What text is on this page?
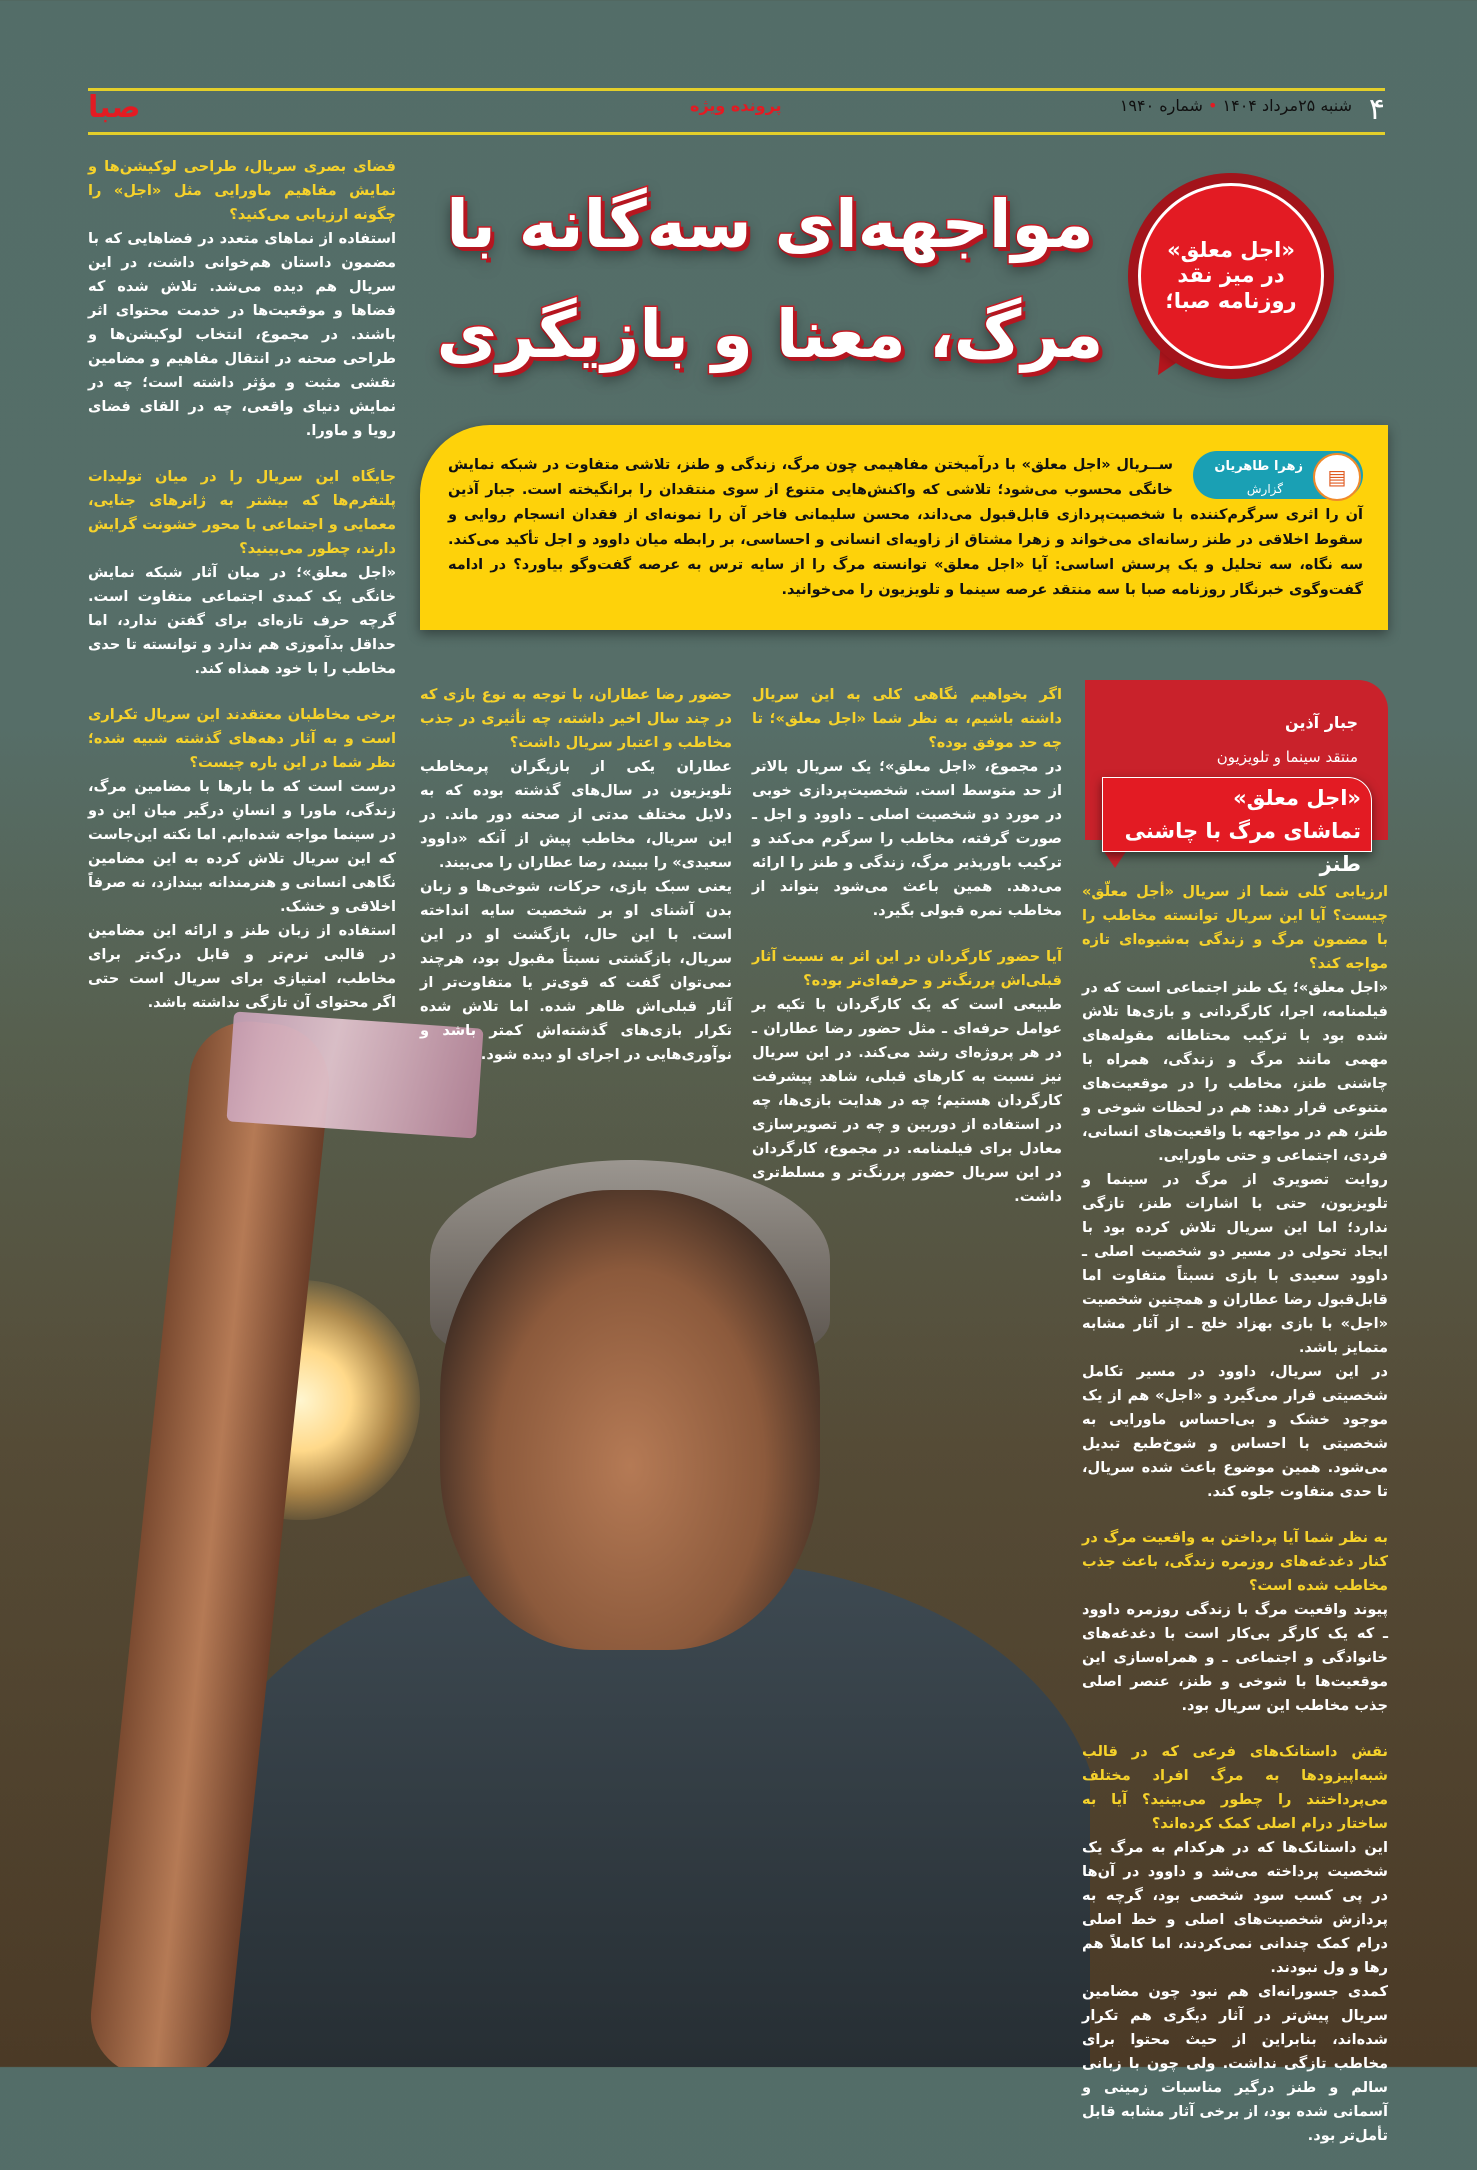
۴
شنبه ۲۵مرداد ۱۴۰۴ • شماره ۱۹۴۰
پرونده ویژه
صبا
«اجل معلق»
در میز نقد
روزنامه صبا؛
مواجهه‌ای سه‌گانه با
مرگ، معنا و بازیگری
زهرا طاهریان
گزارش
▤
ســریال «اجل معلق» با درآمیختن مفاهیمی چون مرگ، زندگی و طنز، تلاشی متفاوت در شبکه نمایش خانگی محسوب می‌شود؛ تلاشی که واکنش‌هایی متنوع از سوی منتقدان را برانگیخته است. جبار آذین آن را اثری سرگرم‌کننده با شخصیت‌پردازی قابل‌قبول می‌داند، محسن سلیمانی فاخر آن را نمونه‌ای از فقدان انسجام روایی و سقوط اخلاقی در طنز رسانه‌ای می‌خواند و زهرا مشتاق از زاویه‌ای انسانی و احساسی، بر رابطه میان داوود و اجل تأکید می‌کند. سه نگاه، سه تحلیل و یک پرسش اساسی: آیا «اجل معلق» توانسته مرگ را از سایه ترس به عرصه گفت‌وگو بیاورد؟ در ادامه گفت‌وگوی خبرنگار روزنامه صبا با سه منتقد عرصه سینما و تلویزیون را می‌خوانید.
جبار آذین
منتقد سینما و تلویزیون
«اجل معلق»
تماشای مرگ با چاشنی طنز

ارزیابی کلی شما از سریال «أجل معلّق» چیست؟ آیا این سریال توانسته مخاطب را با مضمون مرگ و زندگی به‌شیوه‌ای تازه مواجه کند؟

«اجل معلق»؛ یک طنز اجتماعی است که در فیلمنامه، اجرا، کارگردانی و بازی‌ها تلاش شده بود با ترکیب محتاطانه مقوله‌های مهمی مانند مرگ و زندگی، همراه با چاشنی طنز، مخاطب را در موقعیت‌های متنوعی قرار دهد: هم در لحظات شوخی و طنز، هم در مواجهه با واقعیت‌های انسانی، فردی، اجتماعی و حتی ماورایی.

روایت تصویری از مرگ در سینما و تلویزیون، حتی با اشارات طنز، تازگی ندارد؛ اما این سریال تلاش کرده بود با ایجاد تحولی در مسیر دو شخصیت اصلی ـ داوود سعیدی با بازی نسبتاً متفاوت اما قابل‌قبول رضا عطاران و همچنین شخصیت «اجل» با بازی بهزاد خلج ـ از آثار مشابه متمایز باشد.

در این سریال، داوود در مسیر تکامل شخصیتی قرار می‌گیرد و «اجل» هم از یک موجود خشک و بی‌احساس ماورایی به شخصیتی با احساس و شوخ‌طبع تبدیل می‌شود. همین موضوع باعث شده سریال، تا حدی متفاوت جلوه کند.

به نظر شما آیا پرداختن به واقعیت مرگ در کنار دغدغه‌های روزمره زندگی، باعث جذب مخاطب شده است؟

پیوند واقعیت مرگ با زندگی روزمره داوود ـ که یک کارگر بی‌کار است با دغدغه‌های خانوادگی و اجتماعی ـ و همراه‌سازی این موقعیت‌ها با شوخی و طنز، عنصر اصلی جذب مخاطب این سریال بود.

نقش داستانک‌های فرعی که در قالب شبه‌اپیزودها به مرگ افراد مختلف می‌پرداختند را چطور می‌بینید؟ آیا به ساختار درام اصلی کمک کرده‌اند؟

این داستانک‌ها که در هرکدام به مرگ یک شخصیت پرداخته می‌شد و داوود در آن‌ها در پی کسب سود شخصی بود، گرچه به پردازش شخصیت‌های اصلی و خط اصلی درام کمک چندانی نمی‌کردند، اما کاملاً هم رها و ول نبودند.

کمدی جسورانه‌ای هم نبود چون مضامین سریال پیش‌تر در آثار دیگری هم تکرار شده‌اند، بنابراین از حیث محتوا برای مخاطب تازگی نداشت. ولی چون با زبانی سالم و طنز درگیر مناسبات زمینی و آسمانی شده بود، از برخی آثار مشابه قابل تأمل‌تر بود.

اگر بخواهیم نگاهی کلی به این سریال داشته باشیم، به نظر شما «اجل معلق»؛ تا چه حد موفق بوده؟

در مجموع، «اجل معلق»؛ یک سریال بالاتر از حد متوسط است. شخصیت‌پردازی خوبی در مورد دو شخصیت اصلی ـ داوود و اجل ـ صورت گرفته، مخاطب را سرگرم می‌کند و ترکیب باورپذیر مرگ، زندگی و طنز را ارائه می‌دهد. همین باعث می‌شود بتواند از مخاطب نمره قبولی بگیرد.

آیا حضور کارگردان در این اثر به نسبت آثار قبلی‌اش پررنگ‌تر و حرفه‌ای‌تر بوده؟

طبیعی است که یک کارگردان با تکیه بر عوامل حرفه‌ای ـ مثل حضور رضا عطاران ـ در هر پروژه‌ای رشد می‌کند. در این سریال نیز نسبت به کارهای قبلی، شاهد پیشرفت کارگردان هستیم؛ چه در هدایت بازی‌ها، چه در استفاده از دوربین و چه در تصویرسازی معادل برای فیلمنامه. در مجموع، کارگردان در این سریال حضور پررنگ‌تر و مسلط‌تری داشت.

حضور رضا عطاران، با توجه به نوع بازی که در چند سال اخیر داشته، چه تأثیری در جذب مخاطب و اعتبار سریال داشت؟

عطاران یکی از بازیگران پرمخاطب تلویزیون در سال‌های گذشته بوده که به دلایل مختلف مدتی از صحنه دور ماند. در این سریال، مخاطب پیش از آنکه «داوود سعیدی» را ببیند، رضا عطاران را می‌بیند.

یعنی سبک بازی، حرکات، شوخی‌ها و زبان بدن آشنای او بر شخصیت سایه انداخته است. با این حال، بازگشت او در این سریال، بازگشتی نسبتاً مقبول بود، هرچند نمی‌توان گفت که قوی‌تر یا متفاوت‌تر از آثار قبلی‌اش ظاهر شده. اما تلاش شده تکرار بازی‌های گذشته‌اش کمتر باشد و نوآوری‌هایی در اجرای او دیده شود.

فضای بصری سریال، طراحی لوکیشن‌ها و نمایش مفاهیم ماورایی مثل «اجل» را چگونه ارزیابی می‌کنید؟

استفاده از نماهای متعدد در فضاهایی که با مضمون داستان هم‌خوانی داشت، در این سریال هم دیده می‌شد. تلاش شده که فضاها و موقعیت‌ها در خدمت محتوای اثر باشند. در مجموع، انتخاب لوکیشن‌ها و طراحی صحنه در انتقال مفاهیم و مضامین نقشی مثبت و مؤثر داشته است؛ چه در نمایش دنیای واقعی، چه در القای فضای رویا و ماورا.

جایگاه این سریال را در میان تولیدات پلتفرم‌ها که بیشتر به ژانرهای جنایی، معمایی و اجتماعی با محور خشونت گرایش دارند، چطور می‌بینید؟

«اجل معلق»؛ در میان آثار شبکه نمایش خانگی یک کمدی اجتماعی متفاوت است. گرچه حرف تازه‌ای برای گفتن ندارد، اما حداقل بدآموزی هم ندارد و توانسته تا حدی مخاطب را با خود همذاه کند.

برخی مخاطبان معتقدند این سریال تکراری است و به آثار دهه‌های گذشته شبیه شده؛ نظر شما در این باره چیست؟

درست است که ما بارها با مضامین مرگ، زندگی، ماورا و انسانِ درگیر میان این دو در سینما مواجه شده‌ایم. اما نکته این‌جاست که این سریال تلاش کرده به این مضامین نگاهی انسانی و هنرمندانه بیندازد، نه صرفاً اخلاقی و خشک.

استفاده از زبان طنز و ارائه این مضامین در قالبی نرم‌تر و قابل درک‌تر برای مخاطب، امتیازی برای سریال است حتی اگر محتوای آن تازگی نداشته باشد.
